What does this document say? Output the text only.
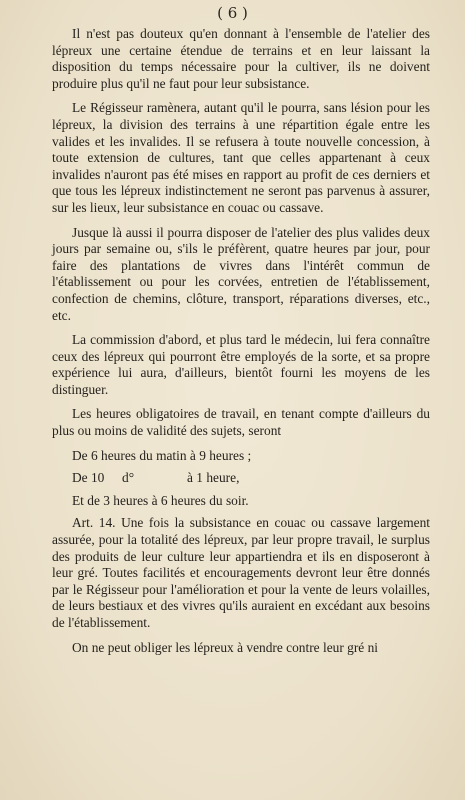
( 6 )

Il n'est pas douteux qu'en donnant à l'ensemble de l'atelier des lépreux une certaine étendue de terrains et en leur laissant la disposition du temps nécessaire pour la cultiver, ils ne doivent produire plus qu'il ne faut pour leur subsistance.

Le Régisseur ramènera, autant qu'il le pourra, sans lésion pour les lépreux, la division des terrains à une répartition égale entre les valides et les invalides. Il se refusera à toute nouvelle concession, à toute extension de cultures, tant que celles appartenant à ceux invalides n'auront pas été mises en rapport au profit de ces derniers et que tous les lépreux indistinctement ne seront pas parvenus à assurer, sur les lieux, leur subsistance en couac ou cassave.

Jusque là aussi il pourra disposer de l'atelier des plus valides deux jours par semaine ou, s'ils le préfèrent, quatre heures par jour, pour faire des plantations de vivres dans l'intérêt commun de l'établissement ou pour les corvées, entretien de l'établissement, confection de chemins, clôture, transport, réparations diverses, etc., etc.

La commission d'abord, et plus tard le médecin, lui fera connaître ceux des lépreux qui pourront être employés de la sorte, et sa propre expérience lui aura, d'ailleurs, bientôt fourni les moyens de les distinguer.

Les heures obligatoires de travail, en tenant compte d'ailleurs du plus ou moins de validité des sujets, seront

De 6 heures du matin à 9 heures ;
De 10 d°	à 1 heure,
Et de 3 heures à 6 heures du soir.

Art. 14. Une fois la subsistance en couac ou cassave largement assurée, pour la totalité des lépreux, par leur propre travail, le surplus des produits de leur culture leur appartiendra et ils en disposeront à leur gré. Toutes facilités et encouragements devront leur être donnés par le Régisseur pour l'amélioration et pour la vente de leurs volailles, de leurs bestiaux et des vivres qu'ils auraient en excédant aux besoins de l'établissement.

On ne peut obliger les lépreux à vendre contre leur gré ni
